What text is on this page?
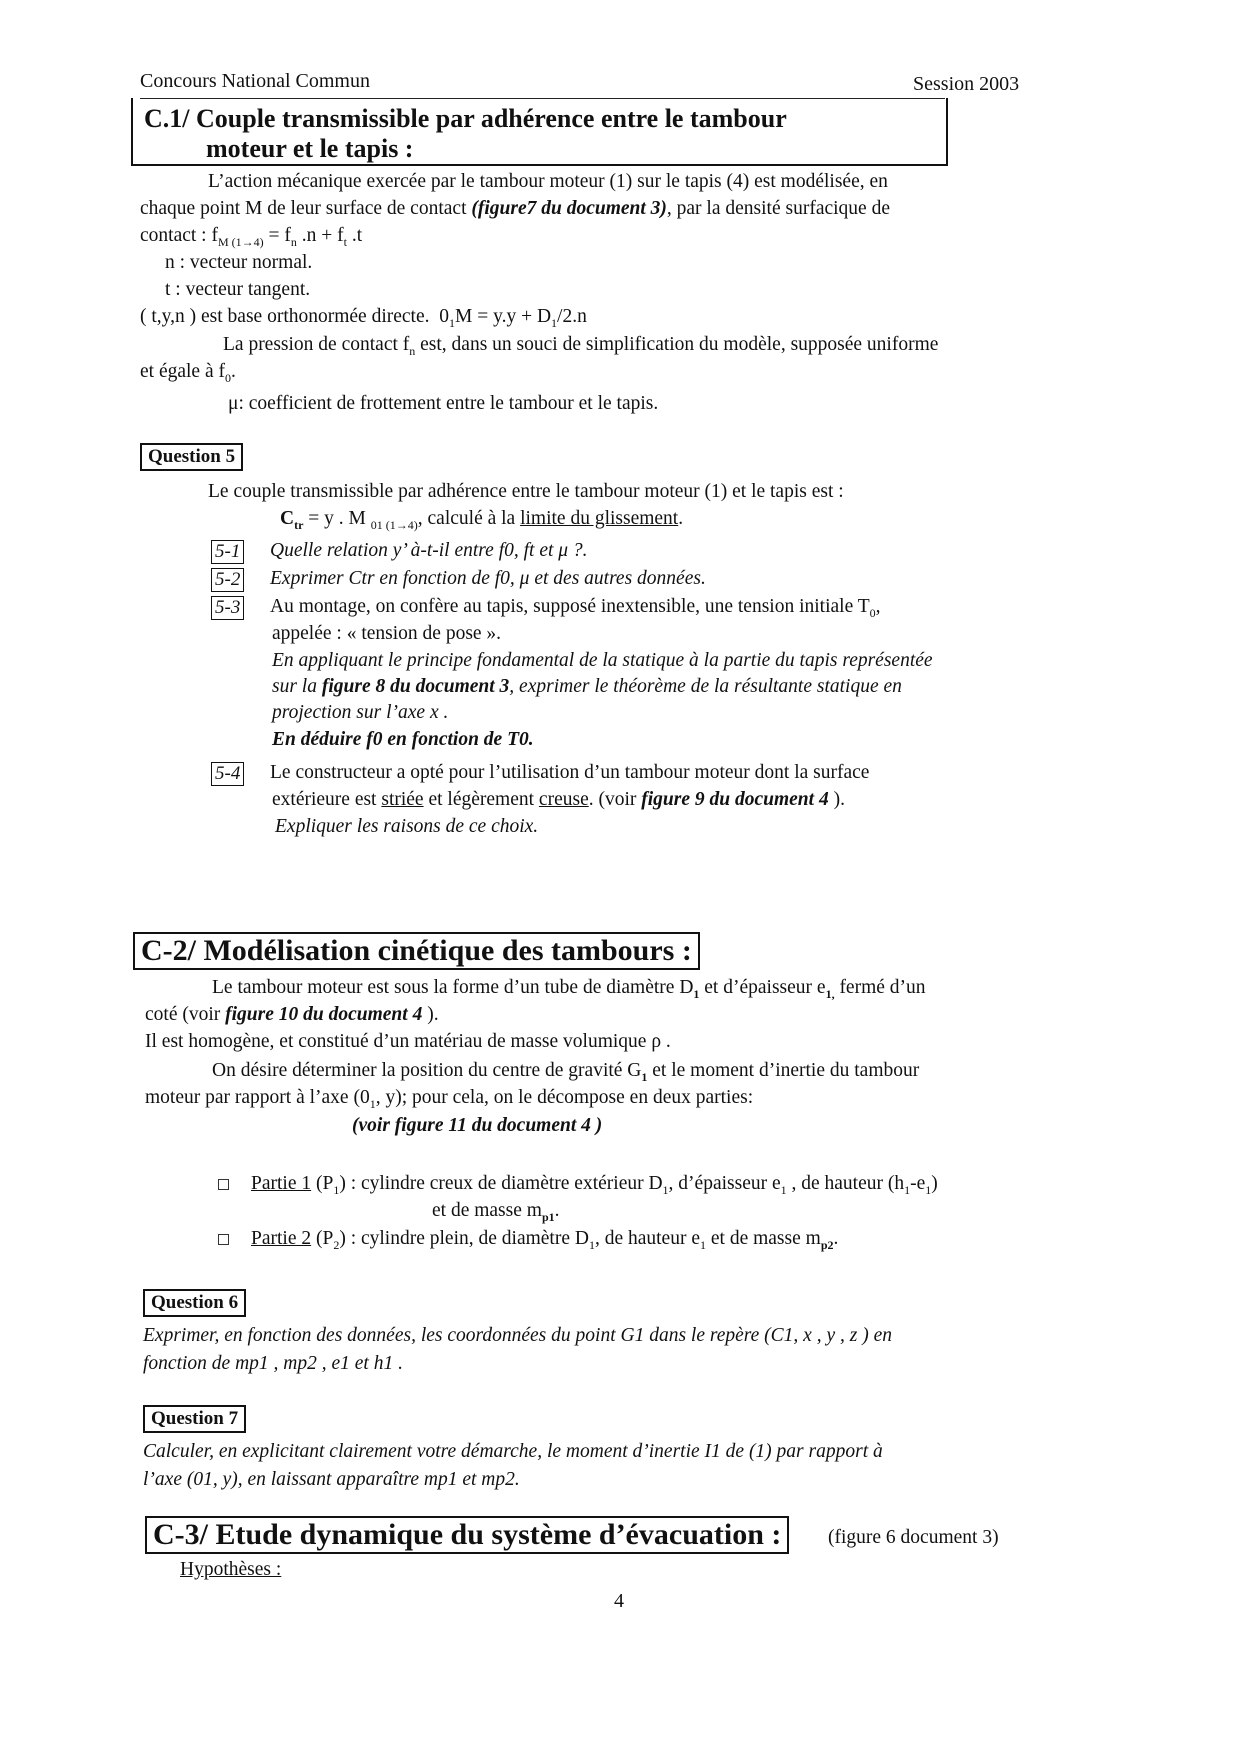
Concours National Commun	Session 2003
C.1/ Couple transmissible par adhérence entre le tambour
moteur et le tapis :
L’action mécanique exercée par le tambour moteur (1) sur le tapis (4) est modélisée, en
chaque point M de leur surface de contact (figure7 du document 3), par la densité surfacique de
contact : $f_{M (1\to 4)} = f_n$ $.n + f_t$ .t
n : vecteur normal.
t : vecteur tangent.
( t,y,n ) est base orthonormée directe. $0_1M = y.y + D_1/2.n$
La pression de contact $f_n$ est, dans un souci de simplification du modèle, supposée uniforme
et égale à $f_0$.
μ: coefficient de frottement entre le tambour et le tapis.
Question 5
Le couple transmissible par adhérence entre le tambour moteur (1) et le tapis est :
$C_{tr} = y$ . M $_{01 (1\to 4)}$, calculé à la limite du glissement.
5-1 Quelle relation y’ à-t-il entre f0, ft et μ ?.
5-2 Exprimer Ctr en fonction de f0, μ et des autres données.
5-3 Au montage, on confère au tapis, supposé inextensible, une tension initiale $T_0$,
appelée : « tension de pose ».
En appliquant le principe fondamental de la statique à la partie du tapis représentée
sur la figure 8 du document 3, exprimer le théorème de la résultante statique en
projection sur l’axe x .
En déduire f0 en fonction de T0.
5-4 Le constructeur a opté pour l’utilisation d’un tambour moteur dont la surface
extérieure est striée et légèrement creuse. (voir figure 9 du document 4 ).
Expliquer les raisons de ce choix.
C-2/ Modélisation cinétique des tambours :
Le tambour moteur est sous la forme d’un tube de diamètre $D_1$ et d’épaisseur $e_{1,}$ fermé d’un
coté (voir figure 10 du document 4 ).
Il est homogène, et constitué d’un matériau de masse volumique ρ .
On désire déterminer la position du centre de gravité $G_1$ et le moment d’inertie du tambour
moteur par rapport à l’axe ($0_1$, y); pour cela, on le décompose en deux parties:
(voir figure 11 du document 4 )
Partie 1 $(P_1)$ : cylindre creux de diamètre extérieur $D_1$, d’épaisseur $e_1$ , de hauteur $(h_1-e_1)$
et de masse $m_{p1}$.
Partie 2 $(P_2)$ : cylindre plein, de diamètre $D_1$, de hauteur $e_1$ et de masse $m_{p2}$.
Question 6
Exprimer, en fonction des données, les coordonnées du point G1 dans le repère (C1, x , y , z ) en
fonction de mp1 , mp2 , e1 et h1 .
Question 7
Calculer, en explicitant clairement votre démarche, le moment d’inertie I1 de (1) par rapport à
l’axe (01, y), en laissant apparaître mp1 et mp2.
C-3/ Etude dynamique du système d’évacuation :	(figure 6 document 3)
Hypothèses :
4
